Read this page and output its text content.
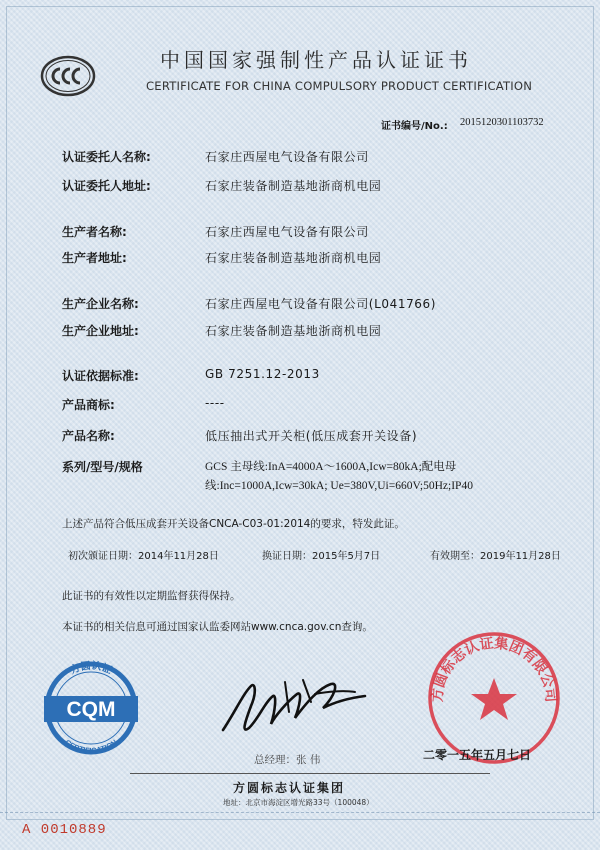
中国国家强制性产品认证证书
CERTIFICATE FOR CHINA COMPULSORY PRODUCT CERTIFICATION
证书编号/No.: 2015120301103732
认证委托人名称:	石家庄西屋电气设备有限公司
认证委托人地址:	石家庄装备制造基地浙商机电园
生产者名称:	石家庄西屋电气设备有限公司
生产者地址:	石家庄装备制造基地浙商机电园
生产企业名称:	石家庄西屋电气设备有限公司(L041766)
生产企业地址:	石家庄装备制造基地浙商机电园
认证依据标准:	GB 7251.12-2013
产品商标:	----
产品名称:	低压抽出式开关柜(低压成套开关设备)
系列/型号/规格	GCS 主母线:InA=4000A～1600A,Icw=80kA;配电母线:Inc=1000A,Icw=30kA; Ue=380V,Ui=660V;50Hz;IP40
上述产品符合低压成套开关设备CNCA-C03-01:2014的要求，特发此证。
初次颁证日期：2014年11月28日	换证日期：2015年5月7日	有效期至：2019年11月28日
此证书的有效性以定期监督获得保持。
本证书的相关信息可通过国家认监委网站www.cnca.gov.cn查询。
方圆认证
CQM
CERTIFICATION
总经理：张 伟
方圆标志认证集团有限公司
二零一五年五月七日
方圆标志认证集团
地址：北京市海淀区增光路33号（100048）
A 0010889
